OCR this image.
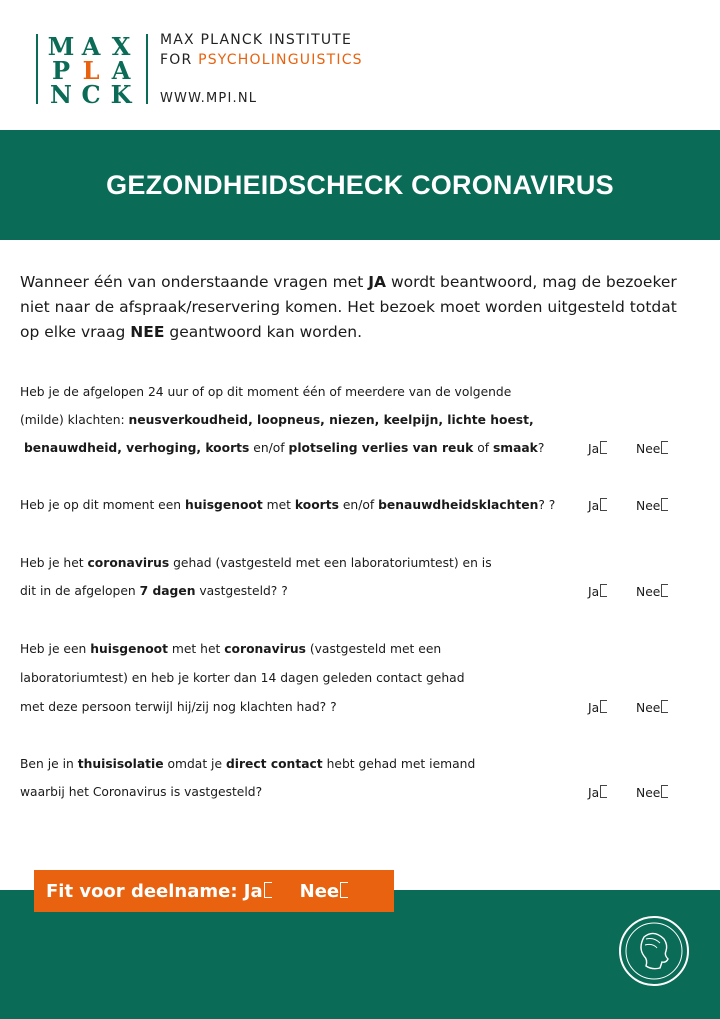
M A X
P L A
N C K
MAX PLANCK INSTITUTE
FOR PSYCHOLINGUISTICS
WWW.MPI.NL
GEZONDHEIDSCHECK CORONAVIRUS
Wanneer één van onderstaande vragen met JA wordt beantwoord, mag de bezoeker niet naar de afspraak/reservering komen. Het bezoek moet worden uitgesteld totdat op elke vraag NEE geantwoord kan worden.
Heb je de afgelopen 24 uur of op dit moment één of meerdere van de volgende
(milde) klachten: neusverkoudheid, loopneus, niezen, keelpijn, lichte hoest,
benauwdheid, verhoging, koorts en/of plotseling verlies van reuk of smaak?	Ja	Nee
Heb je op dit moment een huisgenoot met koorts en/of benauwdheidsklachten? ?	Ja	Nee
Heb je het coronavirus gehad (vastgesteld met een laboratoriumtest) en is
dit in de afgelopen 7 dagen vastgesteld? ?	Ja	Nee
Heb je een huisgenoot met het coronavirus (vastgesteld met een
laboratoriumtest) en heb je korter dan 14 dagen geleden contact gehad
met deze persoon terwijl hij/zij nog klachten had? ?	Ja	Nee
Ben je in thuisisolatie omdat je direct contact hebt gehad met iemand
waarbij het Coronavirus is vastgesteld?	Ja	Nee
Fit voor deelname: Ja	Nee
